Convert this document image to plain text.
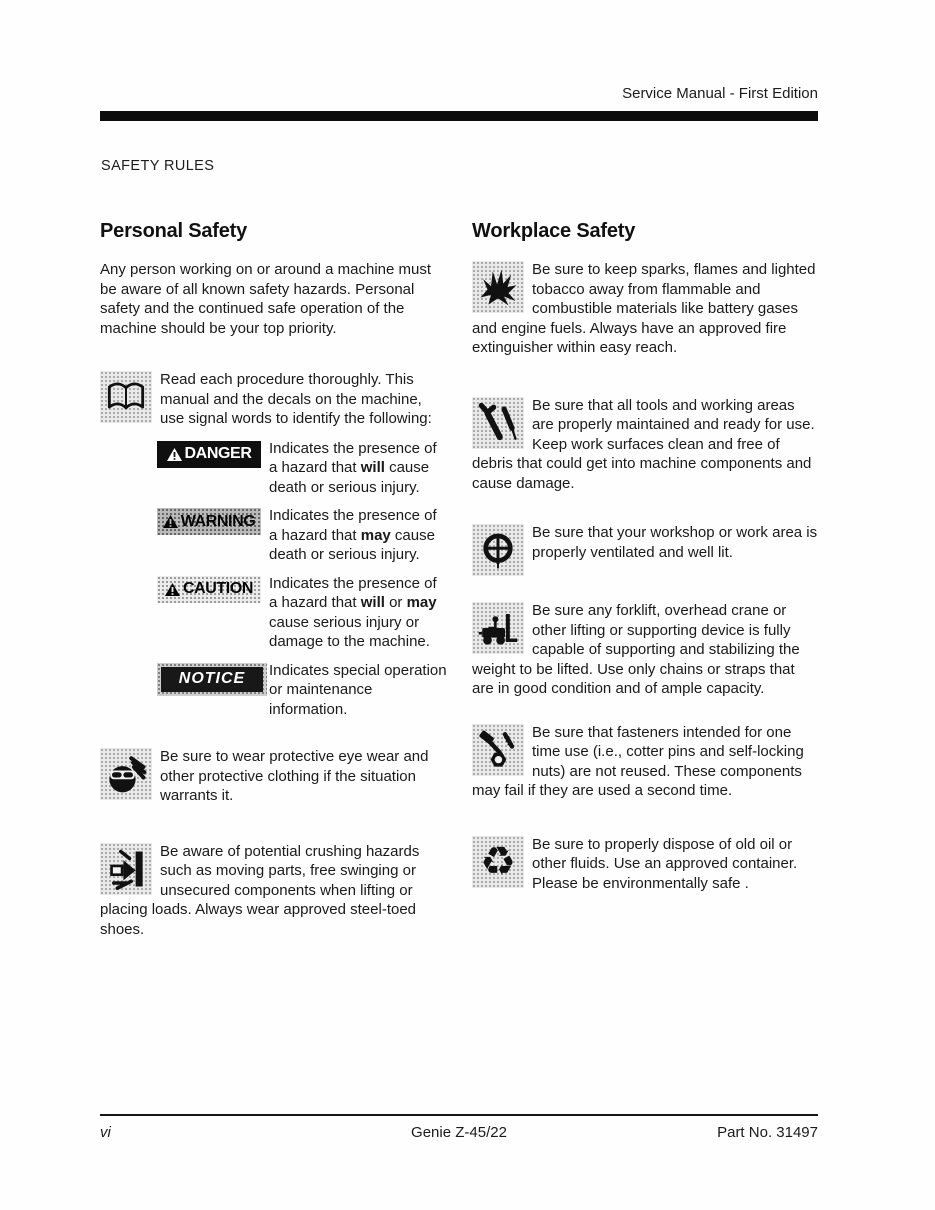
Service Manual - First Edition
SAFETY RULES
Personal Safety

Any person working on or around a machine must be aware of all known safety hazards. Personal safety and the continued safe operation of the machine should be your top priority.

Read each procedure thoroughly. This manual and the decals on the machine, use signal words to identify the following:
DANGER Indicates the presence of a hazard that will cause death or serious injury.
WARNING Indicates the presence of a hazard that may cause death or serious injury.
CAUTION Indicates the presence of a hazard that will or may cause serious injury or damage to the machine.
NOTICE	Indicates special operation or maintenance information.
Be sure to wear protective eye wear and other protective clothing if the situation warrants it.
Be aware of potential crushing hazards such as moving parts, free swinging or unsecured components when lifting or placing loads. Always wear approved steel-toed shoes.
Workplace Safety
Be sure to keep sparks, flames and lighted tobacco away from flammable and combustible materials like battery gases and engine fuels. Always have an approved fire extinguisher within easy reach.
Be sure that all tools and working areas are properly maintained and ready for use. Keep work surfaces clean and free of debris that could get into machine components and cause damage.
Be sure that your workshop or work area is properly ventilated and well lit.
Be sure any forklift, overhead crane or other lifting or supporting device is fully capable of supporting and stabilizing the weight to be lifted. Use only chains or straps that are in good condition and of ample capacity.
Be sure that fasteners intended for one time use (i.e., cotter pins and self-locking nuts) are not reused. These components may fail if they are used a second time.
♻ Be sure to properly dispose of old oil or other fluids. Use an approved container. Please be environmentally safe .
vi	Genie Z-45/22	Part No. 31497
